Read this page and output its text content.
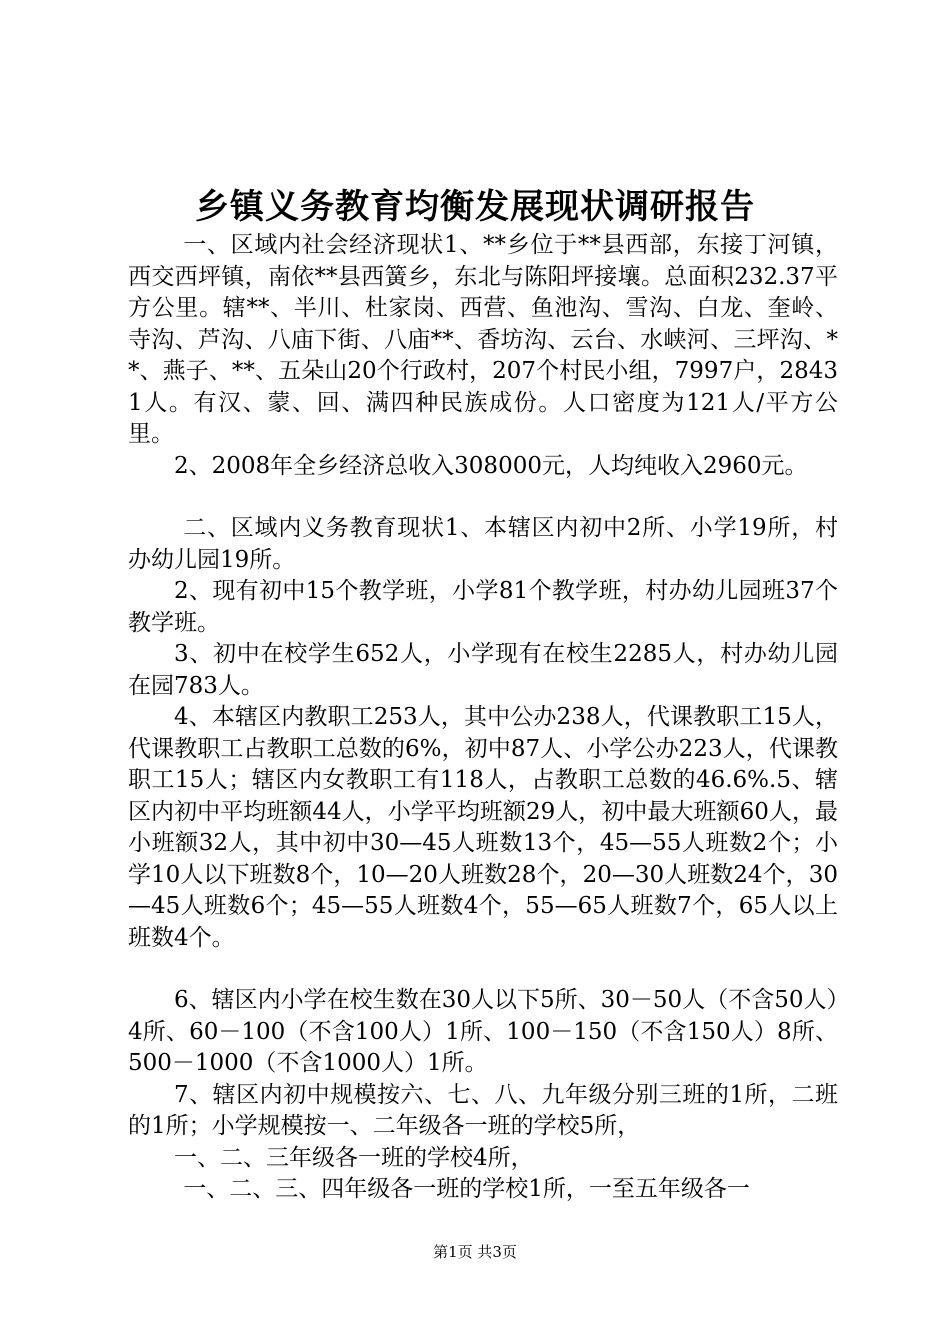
乡镇义务教育均衡发展现状调研报告

一、区域内社会经济现状1、**乡位于**县西部，东接丁河镇，西交西坪镇，南依**县西簧乡，东北与陈阳坪接壤。总面积232.37平方公里。辖**、半川、杜家岗、西营、鱼池沟、雪沟、白龙、奎岭、寺沟、芦沟、八庙下街、八庙**、香坊沟、云台、水峡河、三坪沟、**、燕子、**、五朵山20个行政村，207个村民小组，7997户，28431人。有汉、蒙、回、满四种民族成份。人口密度为121人/平方公里。

2、2008年全乡经济总收入308000元，人均纯收入2960元。

二、区域内义务教育现状1、本辖区内初中2所、小学19所，村办幼儿园19所。

2、现有初中15个教学班，小学81个教学班，村办幼儿园班37个教学班。

3、初中在校学生652人，小学现有在校生2285人，村办幼儿园在园783人。

4、本辖区内教职工253人，其中公办238人，代课教职工15人，代课教职工占教职工总数的6%，初中87人、小学公办223人，代课教职工15人；辖区内女教职工有118人，占教职工总数的46.6%.5、辖区内初中平均班额44人，小学平均班额29人，初中最大班额60人，最小班额32人，其中初中30—45人班数13个，45—55人班数2个；小学10人以下班数8个，10—20人班数28个，20—30人班数24个，30—45人班数6个；45—55人班数4个，55—65人班数7个，65人以上班数4个。

6、辖区内小学在校生数在30人以下5所、30－50人（不含50人）4所、60－100（不含100人）1所、100－150（不含150人）8所、500－1000（不含1000人）1所。

7、辖区内初中规模按六、七、八、九年级分别三班的1所，二班的1所；小学规模按一、二年级各一班的学校5所，

一、二、三年级各一班的学校4所，

一、二、三、四年级各一班的学校1所，一至五年级各一

第1页 共3页
